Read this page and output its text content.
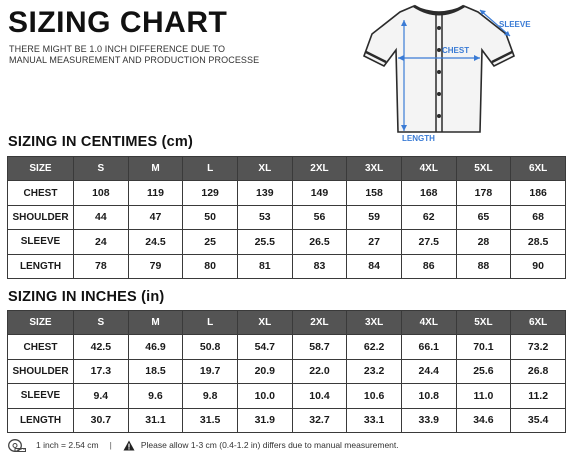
SIZING CHART
THERE MIGHT BE 1.0 INCH DIFFERENCE DUE TO
MANUAL MEASUREMENT AND PRODUCTION PROCESSE
SLEEVE
CHEST
LENGTH
SIZING IN CENTIMES (cm)
SIZE	S	M	L	XL	2XL	3XL	4XL	5XL	6XL
CHEST	108	119	129	139	149	158	168	178	186
SHOULDER	44	47	50	53	56	59	62	65	68
SLEEVE	24	24.5	25	25.5	26.5	27	27.5	28	28.5
LENGTH	78	79	80	81	83	84	86	88	90
SIZING IN INCHES (in)
SIZE	S	M	L	XL	2XL	3XL	4XL	5XL	6XL
CHEST	42.5	46.9	50.8	54.7	58.7	62.2	66.1	70.1	73.2
SHOULDER	17.3	18.5	19.7	20.9	22.0	23.2	24.4	25.6	26.8
SLEEVE	9.4	9.6	9.8	10.0	10.4	10.6	10.8	11.0	11.2
LENGTH	30.7	31.1	31.5	31.9	32.7	33.1	33.9	34.6	35.4
1 inch = 2.54 cm |	Please allow 1-3 cm (0.4-1.2 in) differs due to manual measurement.
